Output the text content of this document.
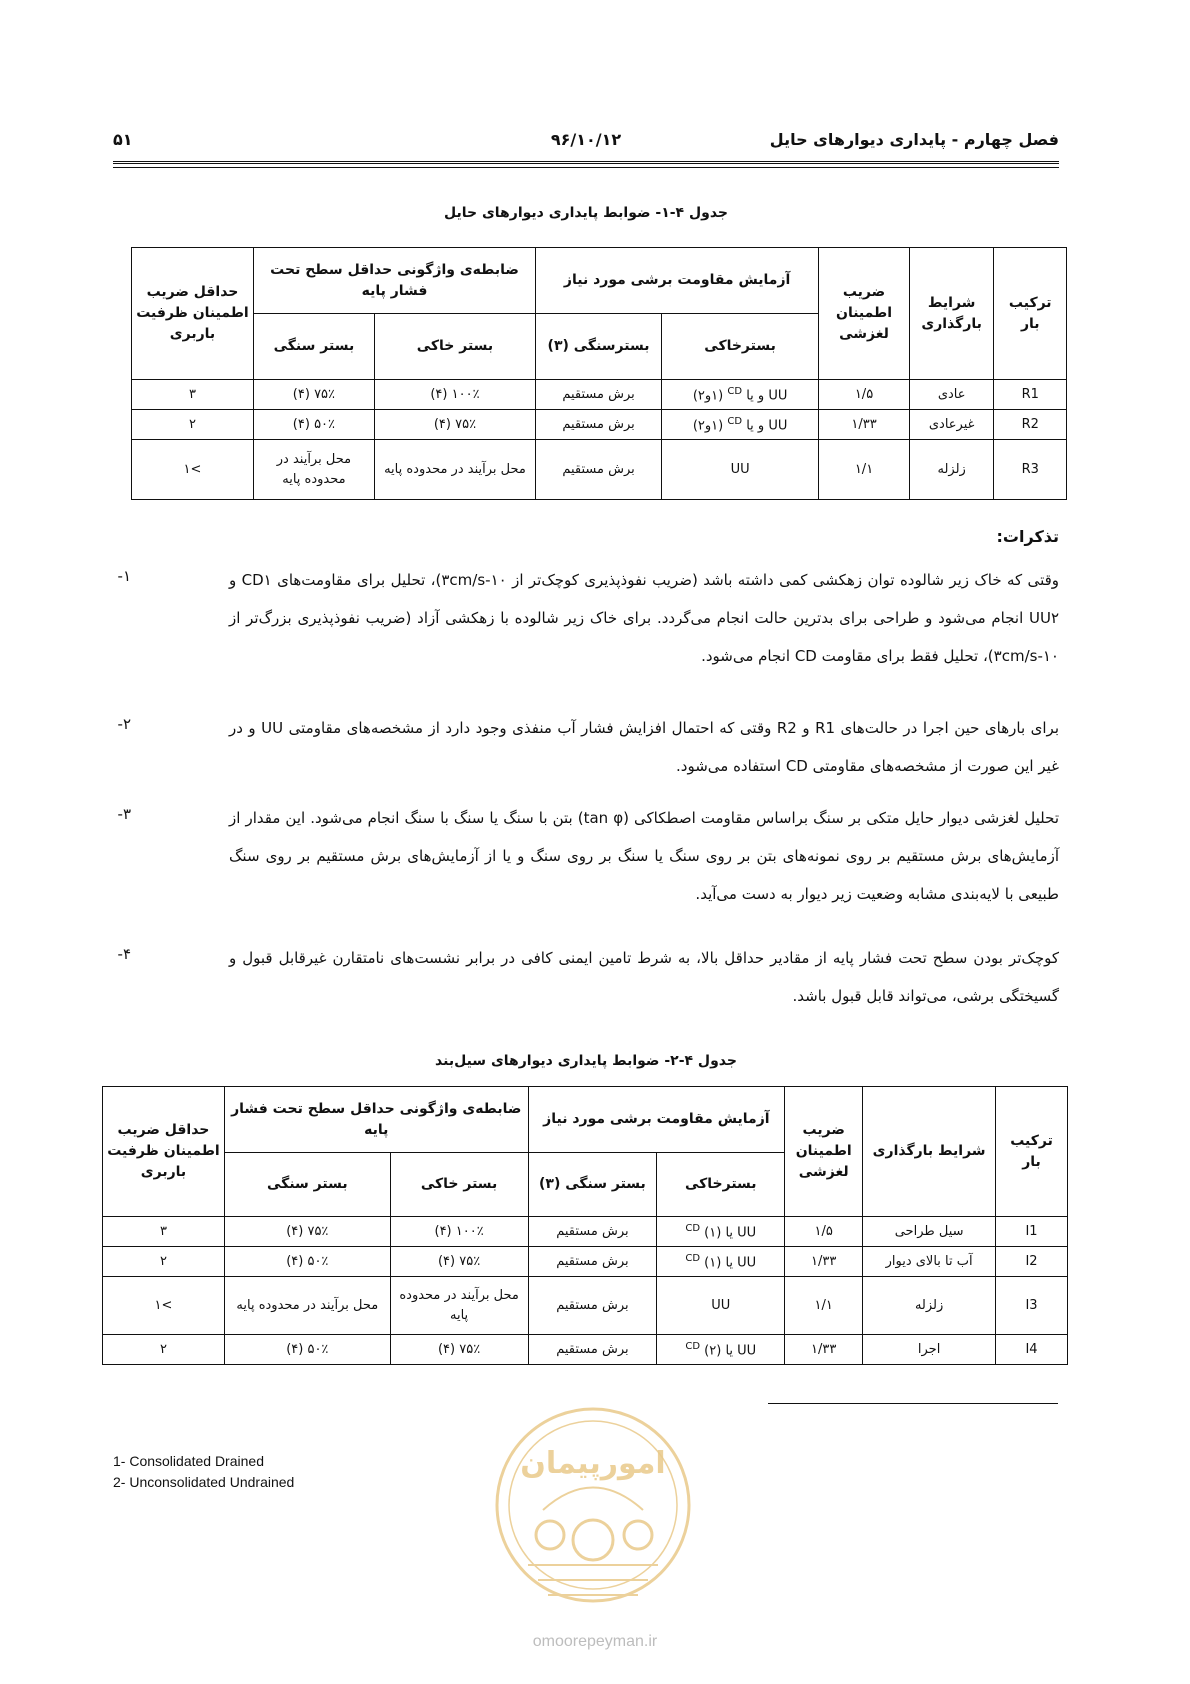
فصل چهارم - پایداری دیوارهای حایل
۹۶/۱۰/۱۲
۵۱
جدول ۴-۱- ضوابط پایداری دیوارهای حایل
ترکیب بار	شرایط بارگذاری	ضریب اطمینان لغزشی	آزمایش مقاومت برشی مورد نیاز		ضابطه‌ی واژگونی حداقل سطح تحت فشار پایه		حداقل ضریب اطمینان ظرفیت باربری
			بسترخاکی	بسترسنگی (۳)	بستر خاکی	بستر سنگی	
R1	عادی	۱/۵	UU و یا $^{CD}$ (۱و۲)	برش مستقیم	۱۰۰٪ (۴)	۷۵٪ (۴)	۳
R2	غیرعادی	۱/۳۳	UU و یا $^{CD}$ (۱و۲)	برش مستقیم	۷۵٪ (۴)	۵۰٪ (۴)	۲
R3	زلزله	۱/۱	UU	برش مستقیم	محل برآیند در محدوده پایه	محل برآیند در محدوده پایه	>۱
تذکرات:
۱-	وقتی که خاک زیر شالوده توان زهکشی کمی داشته باشد (ضریب نفوذپذیری کوچک‌تر از ۱۰-۳cm/s)، تحلیل برای مقاومت‌های CD۱ و UU۲ انجام می‌شود و طراحی برای بدترین حالت انجام می‌گردد. برای خاک زیر شالوده با زهکشی آزاد (ضریب نفوذپذیری بزرگ‌تر از ۱۰-۳cm/s)، تحلیل فقط برای مقاومت CD انجام می‌شود.
۲-	برای بارهای حین اجرا در حالت‌های R1 و R2 وقتی که احتمال افزایش فشار آب منفذی وجود دارد از مشخصه‌های مقاومتی UU و در غیر این صورت از مشخصه‌های مقاومتی CD استفاده می‌شود.
۳-	تحلیل لغزشی دیوار حایل متکی بر سنگ براساس مقاومت اصطکاکی (tan φ) بتن با سنگ یا سنگ با سنگ انجام می‌شود. این مقدار از آزمایش‌های برش مستقیم بر روی نمونه‌های بتن بر روی سنگ یا سنگ بر روی سنگ و یا از آزمایش‌های برش مستقیم بر روی سنگ طبیعی با لایه‌بندی مشابه وضعیت زیر دیوار به دست می‌آید.
۴-	کوچک‌تر بودن سطح تحت فشار پایه از مقادیر حداقل بالا، به شرط تامین ایمنی کافی در برابر نشست‌های نامتقارن غیرقابل قبول و گسیختگی برشی، می‌تواند قابل قبول باشد.
جدول ۴-۲- ضوابط پایداری دیوارهای سیل‌بند
ترکیب بار	شرایط بارگذاری	ضریب اطمینان لغزشی	آزمایش مقاومت برشی مورد نیاز		ضابطه‌ی واژگونی حداقل سطح تحت فشار پایه		حداقل ضریب اطمینان ظرفیت باربری
			بسترخاکی	بستر سنگی (۳)	بستر خاکی	بستر سنگی	
I1	سیل طراحی	۱/۵	UU یا $^{CD}$ (۱)	برش مستقیم	۱۰۰٪ (۴)	۷۵٪ (۴)	۳
I2	آب تا بالای دیوار	۱/۳۳	UU یا $^{CD}$ (۱)	برش مستقیم	۷۵٪ (۴)	۵۰٪ (۴)	۲
I3	زلزله	۱/۱	UU	برش مستقیم	محل برآیند در محدوده پایه	محل برآیند در محدوده پایه	>۱
I4	اجرا	۱/۳۳	UU یا $^{CD}$ (۲)	برش مستقیم	۷۵٪ (۴)	۵۰٪ (۴)	۲
1- Consolidated Drained
2- Unconsolidated Undrained
امورپیمان
omoorepeyman.ir
